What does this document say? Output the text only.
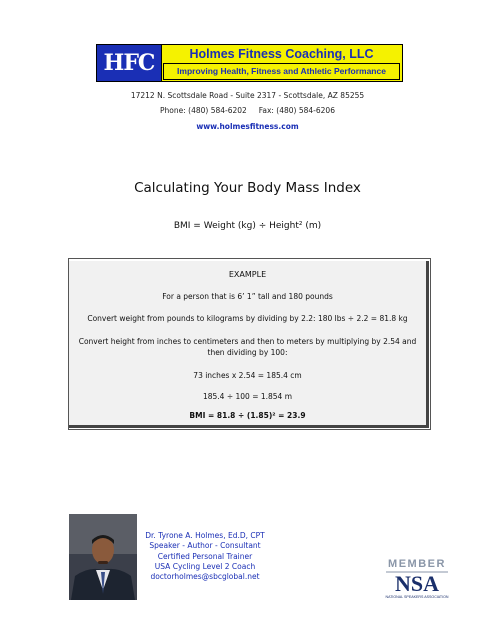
HFC	Holmes Fitness Coaching, LLC
Improving Health, Fitness and Athletic Performance
17212 N. Scottsdale Road - Suite 2317 - Scottsdale, AZ 85255
Phone: (480) 584-6202     Fax: (480) 584-6206
www.holmesfitness.com
Calculating Your Body Mass Index
BMI = Weight (kg) ÷ Height² (m)
EXAMPLE
For a person that is 6’ 1” tall and 180 pounds
Convert weight from pounds to kilograms by dividing by 2.2: 180 lbs ÷ 2.2 = 81.8 kg
Convert height from inches to centimeters and then to meters by multiplying by 2.54 and
then dividing by 100:
73 inches x 2.54 = 185.4 cm
185.4 ÷ 100 = 1.854 m
BMI = 81.8 ÷ (1.85)² = 23.9
Dr. Tyrone A. Holmes, Ed.D, CPT
Speaker - Author - Consultant
Certified Personal Trainer
USA Cycling Level 2 Coach
doctorholmes@sbcglobal.net
MEMBER
NSA
NATIONAL SPEAKERS ASSOCIATION
